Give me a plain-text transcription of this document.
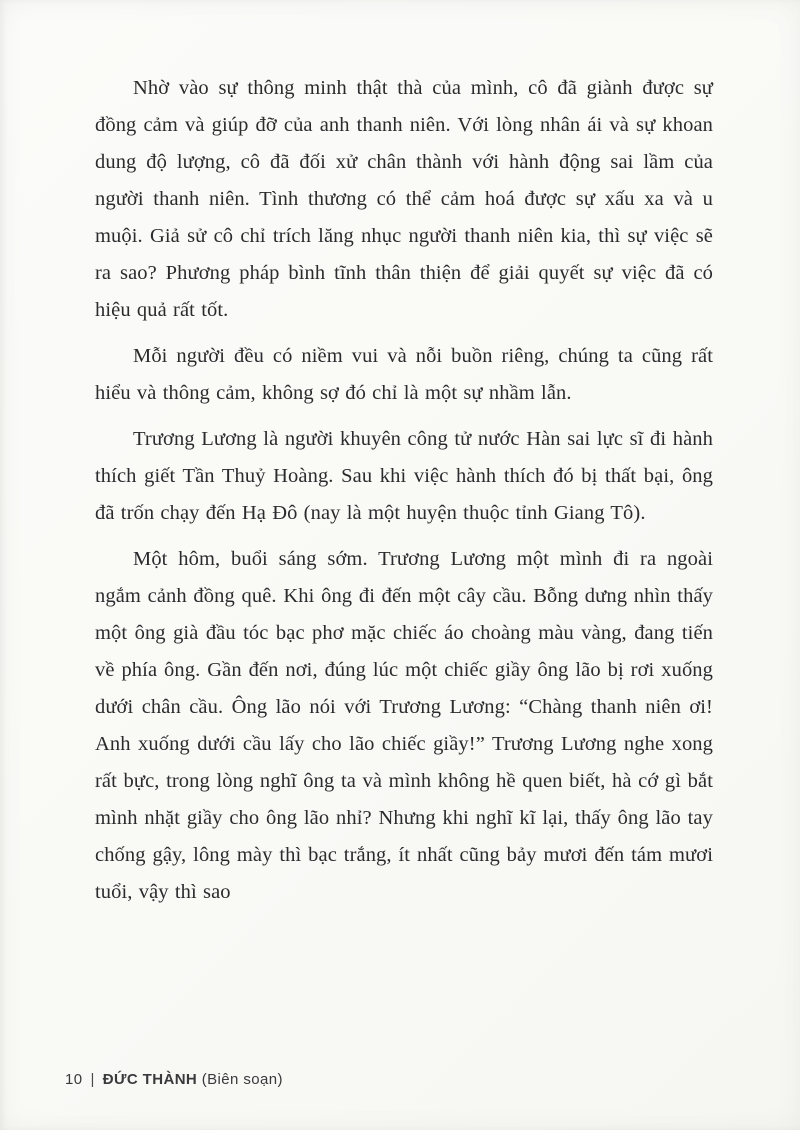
Nhờ vào sự thông minh thật thà của mình, cô đã giành được sự đồng cảm và giúp đỡ của anh thanh niên. Với lòng nhân ái và sự khoan dung độ lượng, cô đã đối xử chân thành với hành động sai lầm của người thanh niên. Tình thương có thể cảm hoá được sự xấu xa và u muội. Giả sử cô chỉ trích lăng nhục người thanh niên kia, thì sự việc sẽ ra sao? Phương pháp bình tĩnh thân thiện để giải quyết sự việc đã có hiệu quả rất tốt.

Mỗi người đều có niềm vui và nỗi buồn riêng, chúng ta cũng rất hiểu và thông cảm, không sợ đó chỉ là một sự nhầm lẫn.

Trương Lương là người khuyên công tử nước Hàn sai lực sĩ đi hành thích giết Tần Thuỷ Hoàng. Sau khi việc hành thích đó bị thất bại, ông đã trốn chạy đến Hạ Đô (nay là một huyện thuộc tỉnh Giang Tô).

Một hôm, buổi sáng sớm. Trương Lương một mình đi ra ngoài ngắm cảnh đồng quê. Khi ông đi đến một cây cầu. Bỗng dưng nhìn thấy một ông già đầu tóc bạc phơ mặc chiếc áo choàng màu vàng, đang tiến về phía ông. Gần đến nơi, đúng lúc một chiếc giầy ông lão bị rơi xuống dưới chân cầu. Ông lão nói với Trương Lương: “Chàng thanh niên ơi! Anh xuống dưới cầu lấy cho lão chiếc giầy!” Trương Lương nghe xong rất bực, trong lòng nghĩ ông ta và mình không hề quen biết, hà cớ gì bắt mình nhặt giầy cho ông lão nhỉ? Nhưng khi nghĩ kĩ lại, thấy ông lão tay chống gậy, lông mày thì bạc trắng, ít nhất cũng bảy mươi đến tám mươi tuổi, vậy thì sao

10 | ĐỨC THÀNH (Biên soạn)
